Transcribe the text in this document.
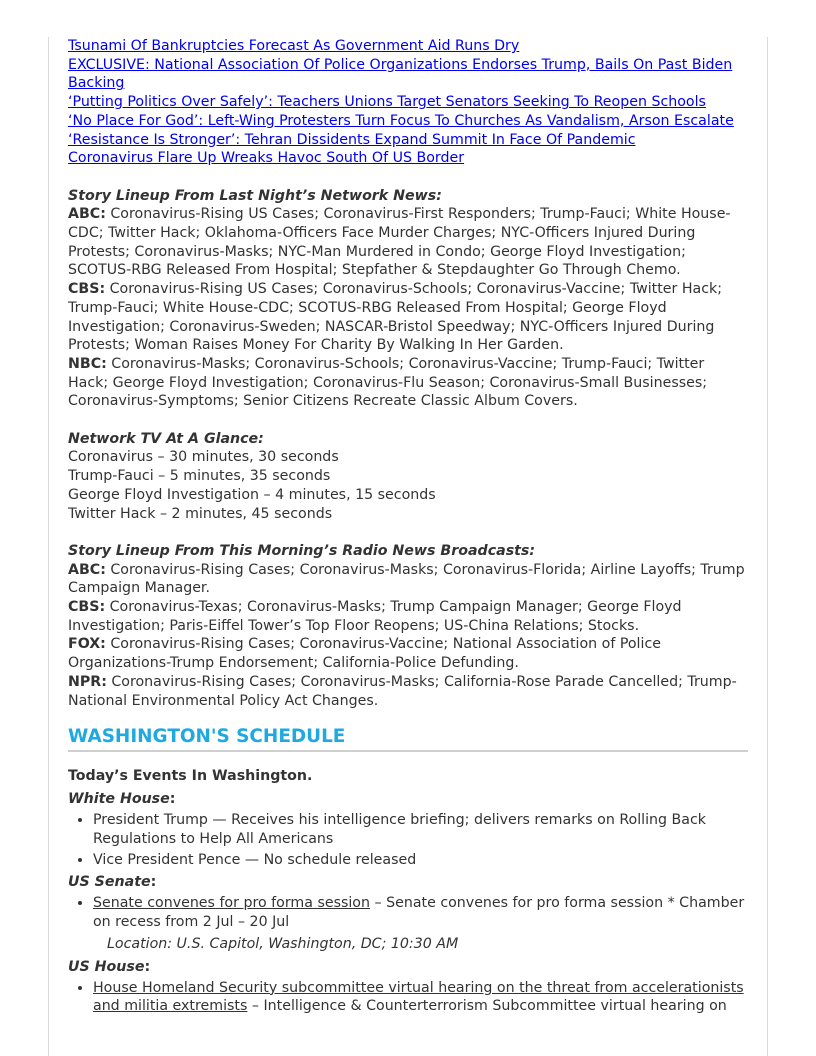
Tsunami Of Bankruptcies Forecast As Government Aid Runs Dry
EXCLUSIVE: National Association Of Police Organizations Endorses Trump, Bails On Past Biden Backing
‘Putting Politics Over Safely’: Teachers Unions Target Senators Seeking To Reopen Schools
‘No Place For God’: Left-Wing Protesters Turn Focus To Churches As Vandalism, Arson Escalate
‘Resistance Is Stronger’: Tehran Dissidents Expand Summit In Face Of Pandemic
Coronavirus Flare Up Wreaks Havoc South Of US Border
Story Lineup From Last Night’s Network News:
ABC: Coronavirus-Rising US Cases; Coronavirus-First Responders; Trump-Fauci; White House-CDC; Twitter Hack; Oklahoma-Officers Face Murder Charges; NYC-Officers Injured During Protests; Coronavirus-Masks; NYC-Man Murdered in Condo; George Floyd Investigation; SCOTUS-RBG Released From Hospital; Stepfather & Stepdaughter Go Through Chemo.
CBS: Coronavirus-Rising US Cases; Coronavirus-Schools; Coronavirus-Vaccine; Twitter Hack; Trump-Fauci; White House-CDC; SCOTUS-RBG Released From Hospital; George Floyd Investigation; Coronavirus-Sweden; NASCAR-Bristol Speedway; NYC-Officers Injured During Protests; Woman Raises Money For Charity By Walking In Her Garden.
NBC: Coronavirus-Masks; Coronavirus-Schools; Coronavirus-Vaccine; Trump-Fauci; Twitter Hack; George Floyd Investigation; Coronavirus-Flu Season; Coronavirus-Small Businesses; Coronavirus-Symptoms; Senior Citizens Recreate Classic Album Covers.
Network TV At A Glance:
Coronavirus – 30 minutes, 30 seconds
Trump-Fauci – 5 minutes, 35 seconds
George Floyd Investigation – 4 minutes, 15 seconds
Twitter Hack – 2 minutes, 45 seconds
Story Lineup From This Morning’s Radio News Broadcasts:
ABC: Coronavirus-Rising Cases; Coronavirus-Masks; Coronavirus-Florida; Airline Layoffs; Trump Campaign Manager.
CBS: Coronavirus-Texas; Coronavirus-Masks; Trump Campaign Manager; George Floyd Investigation; Paris-Eiffel Tower’s Top Floor Reopens; US-China Relations; Stocks.
FOX: Coronavirus-Rising Cases; Coronavirus-Vaccine; National Association of Police Organizations-Trump Endorsement; California-Police Defunding.
NPR: Coronavirus-Rising Cases; Coronavirus-Masks; California-Rose Parade Cancelled; Trump-National Environmental Policy Act Changes.
WASHINGTON'S SCHEDULE
Today’s Events In Washington.
White House:
• President Trump — Receives his intelligence briefing; delivers remarks on Rolling Back Regulations to Help All Americans
• Vice President Pence — No schedule released
US Senate:
• Senate convenes for pro forma session – Senate convenes for pro forma session * Chamber on recess from 2 Jul – 20 Jul
Location: U.S. Capitol, Washington, DC; 10:30 AM
US House:
• House Homeland Security subcommittee virtual hearing on the threat from accelerationists and militia extremists – Intelligence & Counterterrorism Subcommittee virtual hearing on
